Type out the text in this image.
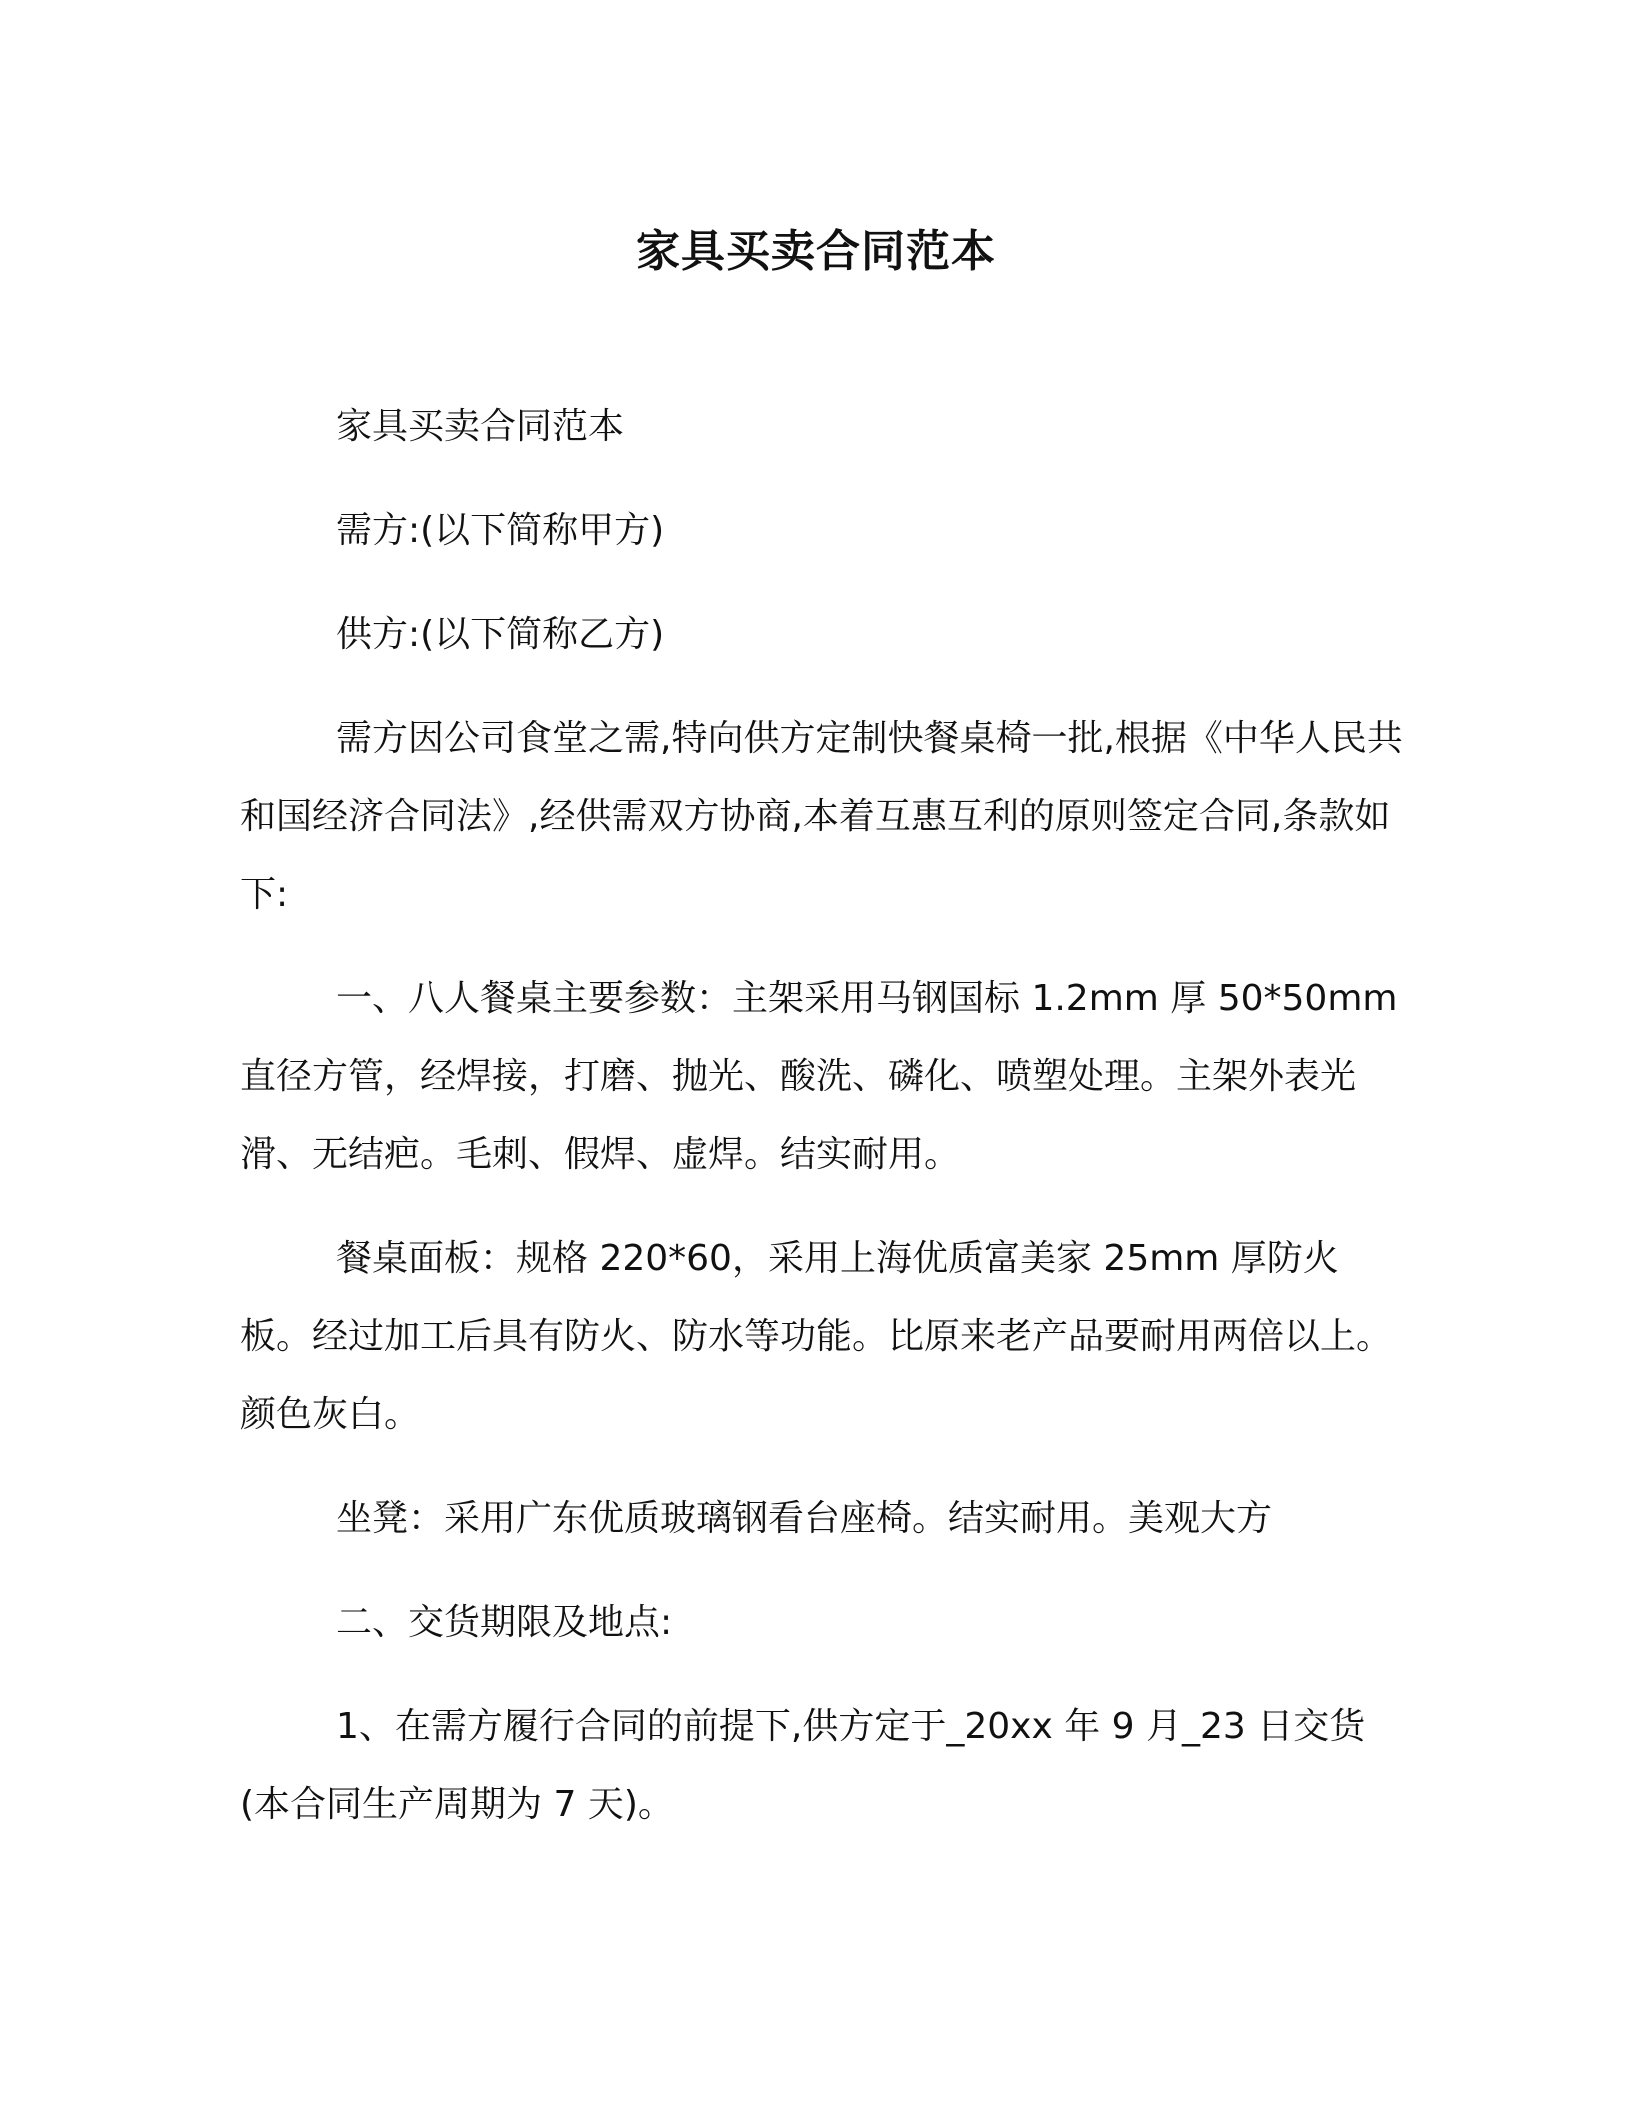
家具买卖合同范本

家具买卖合同范本

需方:(以下简称甲方)

供方:(以下简称乙方)

需方因公司食堂之需,特向供方定制快餐桌椅一批,根据《中华人民共和国经济合同法》,经供需双方协商,本着互惠互利的原则签定合同,条款如下:

一、八人餐桌主要参数：主架采用马钢国标 1.2mm 厚 50*50mm 直径方管，经焊接，打磨、抛光、酸洗、磷化、喷塑处理。主架外表光滑、无结疤。毛刺、假焊、虚焊。结实耐用。

餐桌面板：规格 220*60，采用上海优质富美家 25mm 厚防火板。经过加工后具有防火、防水等功能。比原来老产品要耐用两倍以上。颜色灰白。

坐凳：采用广东优质玻璃钢看台座椅。结实耐用。美观大方

二、交货期限及地点:

1、在需方履行合同的前提下,供方定于_20xx 年 9 月_23 日交货(本合同生产周期为 7 天)。
